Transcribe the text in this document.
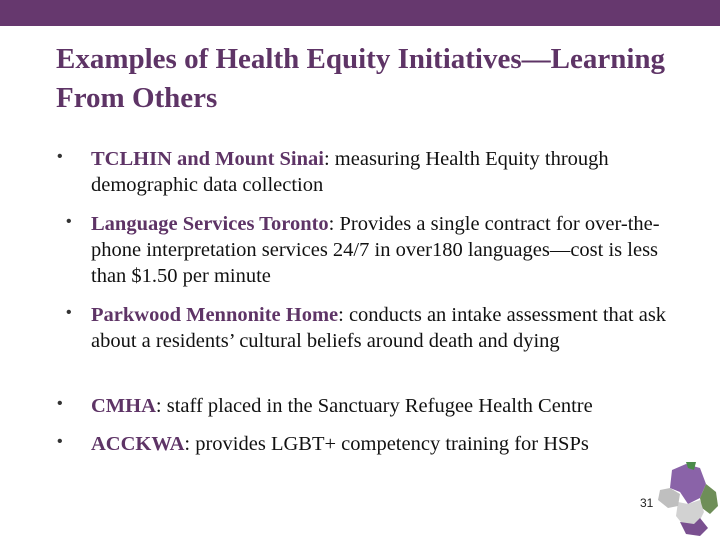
Examples of Health Equity Initiatives—Learning From Others
• TCLHIN and Mount Sinai: measuring Health Equity through demographic data collection
• Language Services Toronto: Provides a single contract for over-the-phone interpretation services 24/7 in over180 languages—cost is less than $1.50 per minute
• Parkwood Mennonite Home: conducts an intake assessment that ask about a residents’ cultural beliefs around death and dying
• CMHA: staff placed in the Sanctuary Refugee Health Centre
• ACCKWA: provides LGBT+ competency training for HSPs
31
